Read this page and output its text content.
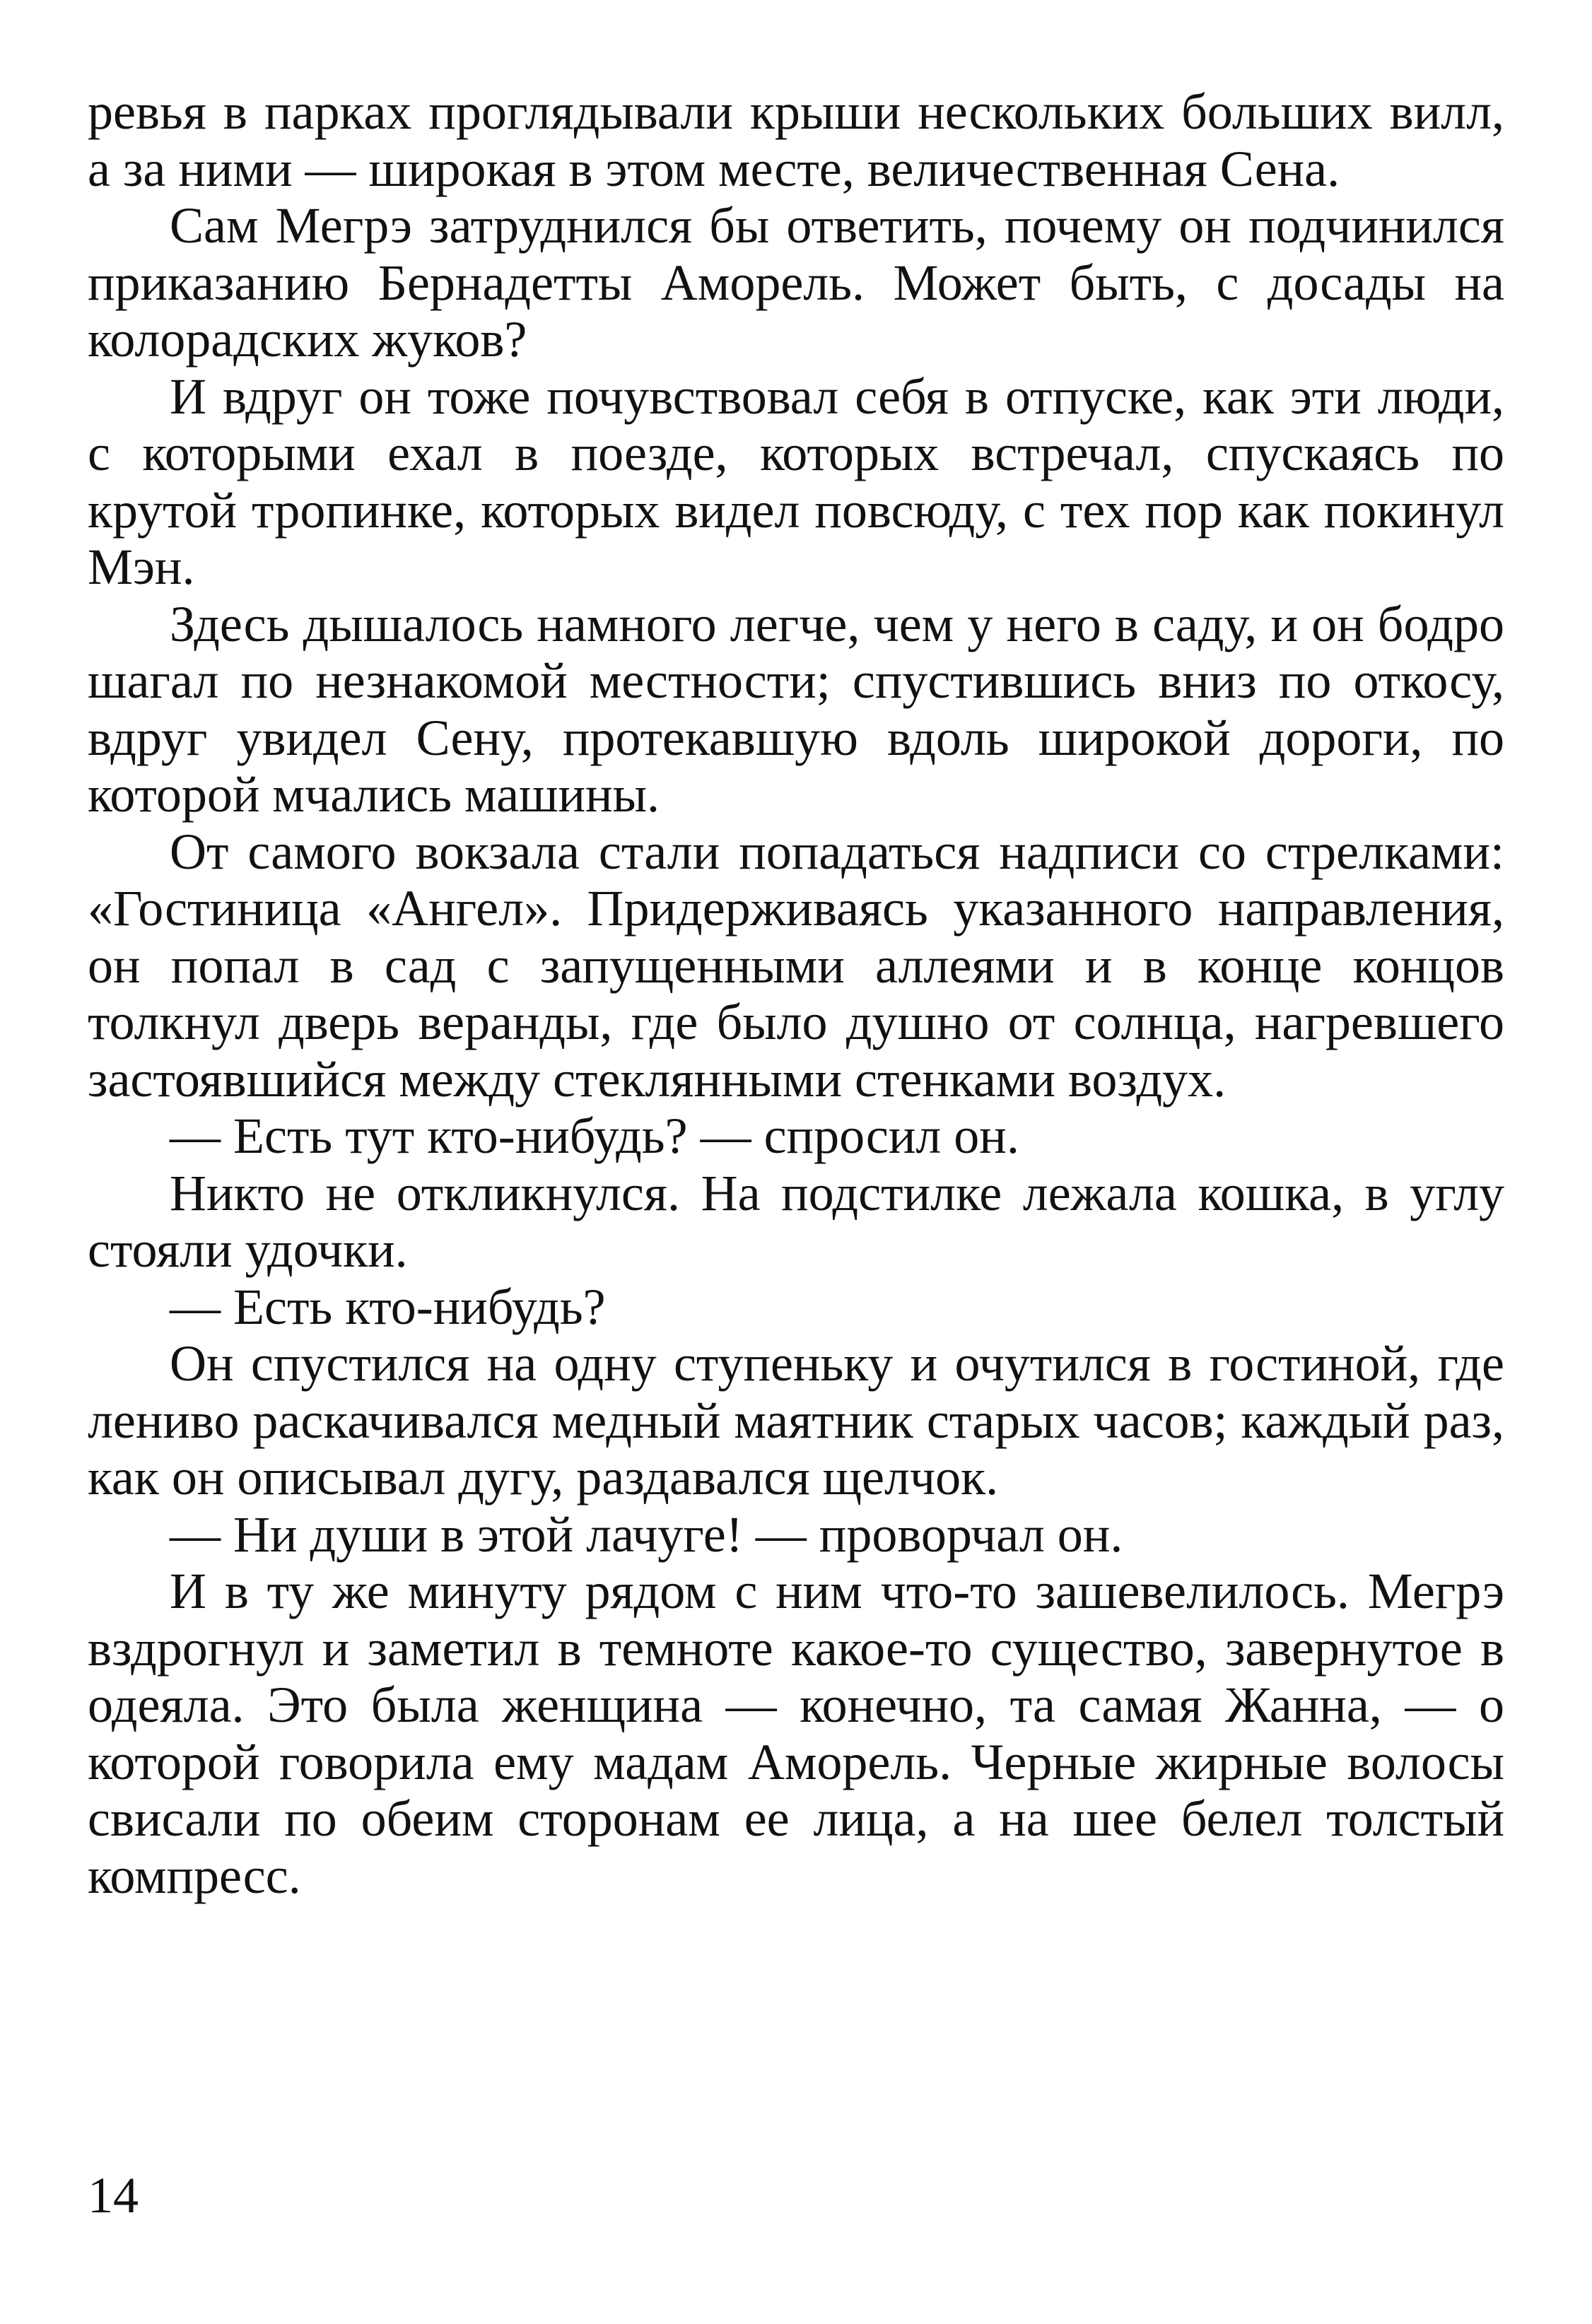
ревья в парках проглядывали крыши нескольких больших вилл, а за ними — широкая в этом месте, величественная Сена.

Сам Мегрэ затруднился бы ответить, почему он подчинился приказанию Бернадетты Аморель. Может быть, с досады на колорадских жуков?

И вдруг он тоже почувствовал себя в отпуске, как эти люди, с которыми ехал в поезде, которых встречал, спускаясь по крутой тропинке, которых видел повсюду, с тех пор как покинул Мэн.

Здесь дышалось намного легче, чем у него в саду, и он бодро шагал по незнакомой местности; спустившись вниз по откосу, вдруг увидел Сену, протекавшую вдоль широкой дороги, по которой мчались машины.

От самого вокзала стали попадаться надписи со стрелками: «Гостиница «Ангел». Придерживаясь указанного направления, он попал в сад с запущенными аллеями и в конце концов толкнул дверь веранды, где было душно от солнца, нагревшего застоявшийся между стеклянными стенками воздух.

— Есть тут кто-нибудь? — спросил он.

Никто не откликнулся. На подстилке лежала кошка, в углу стояли удочки.

— Есть кто-нибудь?

Он спустился на одну ступеньку и очутился в гостиной, где лениво раскачивался медный маятник старых часов; каждый раз, как он описывал дугу, раздавался щелчок.

— Ни души в этой лачуге! — проворчал он.

И в ту же минуту рядом с ним что-то зашевелилось. Мегрэ вздрогнул и заметил в темноте какое-то существо, завернутое в одеяла. Это была женщина — конечно, та самая Жанна, — о которой говорила ему мадам Аморель. Черные жирные волосы свисали по обеим сторонам ее лица, а на шее белел толстый компресс.

14
